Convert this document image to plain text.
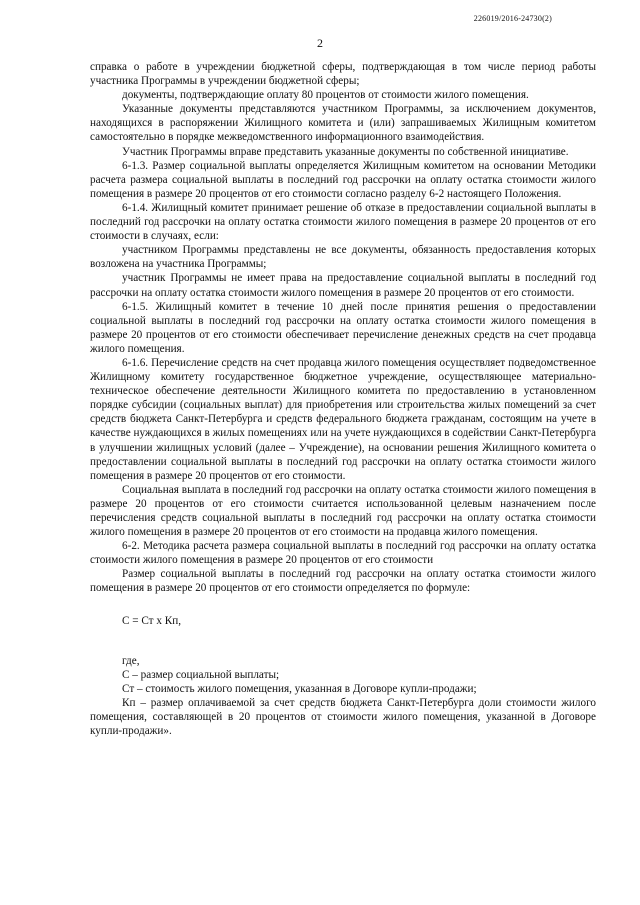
226019/2016-24730(2)
2

справка о работе в учреждении бюджетной сферы, подтверждающая в том числе период работы участника Программы в учреждении бюджетной сферы;

документы, подтверждающие оплату 80 процентов от стоимости жилого помещения.

Указанные документы представляются участником Программы, за исключением документов, находящихся в распоряжении Жилищного комитета и (или) запрашиваемых Жилищным комитетом самостоятельно в порядке межведомственного информационного взаимодействия.

Участник Программы вправе представить указанные документы по собственной инициативе.

6-1.3. Размер социальной выплаты определяется Жилищным комитетом на основании Методики расчета размера социальной выплаты в последний год рассрочки на оплату остатка стоимости жилого помещения в размере 20 процентов от его стоимости согласно разделу 6-2 настоящего Положения.

6-1.4. Жилищный комитет принимает решение об отказе в предоставлении социальной выплаты в последний год рассрочки на оплату остатка стоимости жилого помещения в размере 20 процентов от его стоимости в случаях, если:

участником Программы представлены не все документы, обязанность предоставления которых возложена на участника Программы;

участник Программы не имеет права на предоставление социальной выплаты в последний год рассрочки на оплату остатка стоимости жилого помещения в размере 20 процентов от его стоимости.

6-1.5. Жилищный комитет в течение 10 дней после принятия решения о предоставлении социальной выплаты в последний год рассрочки на оплату остатка стоимости жилого помещения в размере 20 процентов от его стоимости обеспечивает перечисление денежных средств на счет продавца жилого помещения.

6-1.6. Перечисление средств на счет продавца жилого помещения осуществляет подведомственное Жилищному комитету государственное бюджетное учреждение, осуществляющее материально-техническое обеспечение деятельности Жилищного комитета по предоставлению в установленном порядке субсидии (социальных выплат) для приобретения или строительства жилых помещений за счет средств бюджета Санкт-Петербурга и средств федерального бюджета гражданам, состоящим на учете в качестве нуждающихся в жилых помещениях или на учете нуждающихся в содействии Санкт-Петербурга в улучшении жилищных условий (далее – Учреждение), на основании решения Жилищного комитета о предоставлении социальной выплаты в последний год рассрочки на оплату остатка стоимости жилого помещения в размере 20 процентов от его стоимости.

Социальная выплата в последний год рассрочки на оплату остатка стоимости жилого помещения в размере 20 процентов от его стоимости считается использованной целевым назначением после перечисления средств социальной выплаты в последний год рассрочки на оплату остатка стоимости жилого помещения в размере 20 процентов от его стоимости на продавца жилого помещения.

6-2. Методика расчета размера социальной выплаты в последний год рассрочки на оплату остатка стоимости жилого помещения в размере 20 процентов от его стоимости

Размер социальной выплаты в последний год рассрочки на оплату остатка стоимости жилого помещения в размере 20 процентов от его стоимости определяется по формуле:

С = Ст х Кп,

где,

С – размер социальной выплаты;

Ст – стоимость жилого помещения, указанная в Договоре купли-продажи;

Кп – размер оплачиваемой за счет средств бюджета Санкт-Петербурга доли стоимости жилого помещения, составляющей в 20 процентов от стоимости жилого помещения, указанной в Договоре купли-продажи».
